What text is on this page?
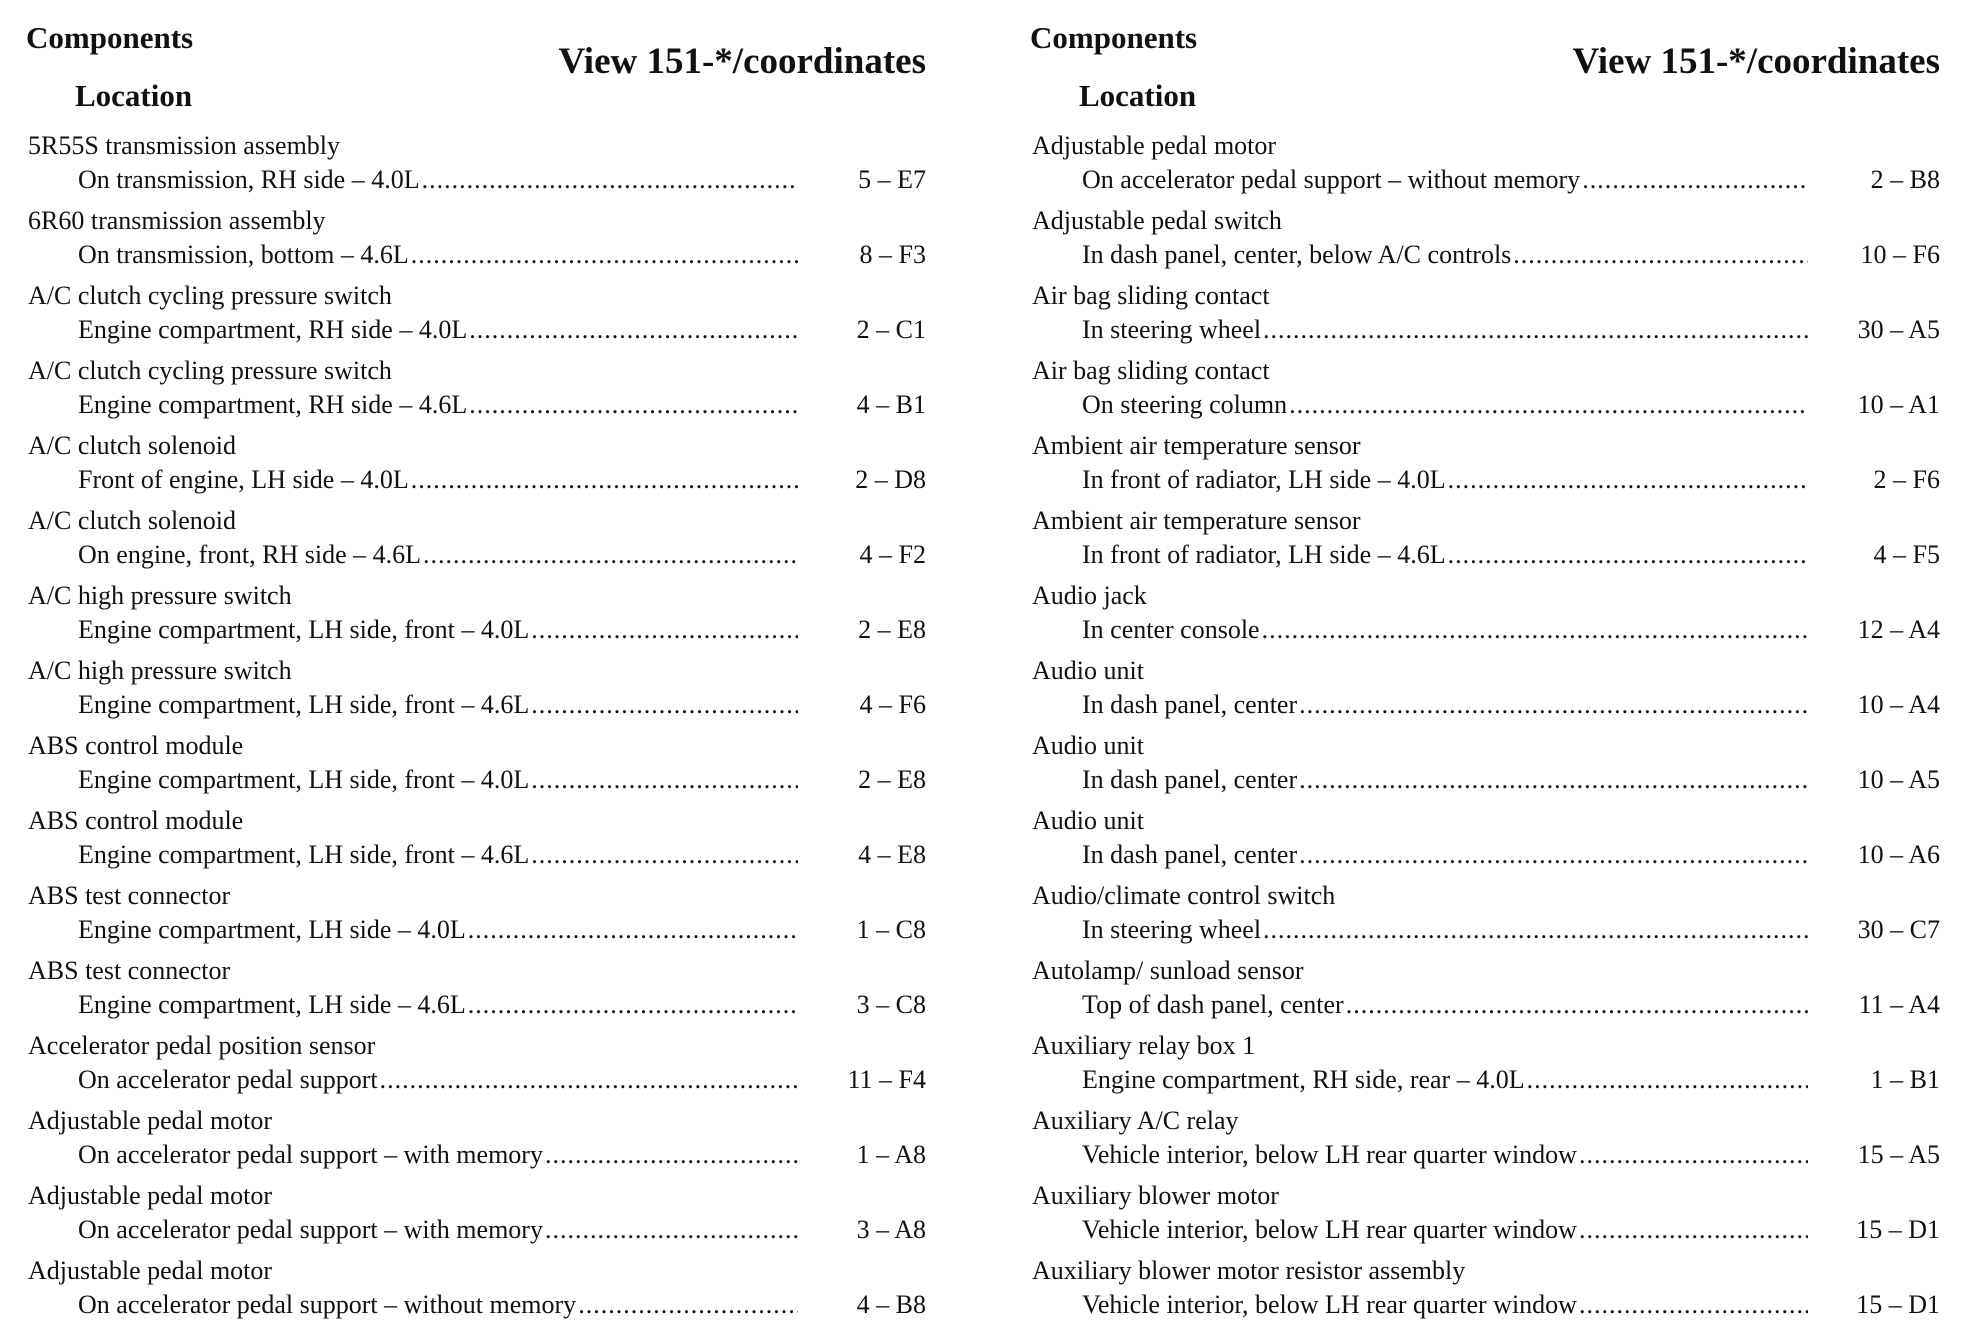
Components
Location
View 151-*/coordinates
5R55S transmission assembly
On transmission, RH side – 4.0L .....	5 – E7
6R60 transmission assembly
On transmission, bottom – 4.6L .....	8 – F3
A/C clutch cycling pressure switch
Engine compartment, RH side – 4.0L .....	2 – C1
A/C clutch cycling pressure switch
Engine compartment, RH side – 4.6L .....	4 – B1
A/C clutch solenoid
Front of engine, LH side – 4.0L .....	2 – D8
A/C clutch solenoid
On engine, front, RH side – 4.6L .....	4 – F2
A/C high pressure switch
Engine compartment, LH side, front – 4.0L .....	2 – E8
A/C high pressure switch
Engine compartment, LH side, front – 4.6L .....	4 – F6
ABS control module
Engine compartment, LH side, front – 4.0L .....	2 – E8
ABS control module
Engine compartment, LH side, front – 4.6L .....	4 – E8
ABS test connector
Engine compartment, LH side – 4.0L .....	1 – C8
ABS test connector
Engine compartment, LH side – 4.6L .....	3 – C8
Accelerator pedal position sensor
On accelerator pedal support .....	11 – F4
Adjustable pedal motor
On accelerator pedal support – with memory .....	1 – A8
Adjustable pedal motor
On accelerator pedal support – with memory .....	3 – A8
Adjustable pedal motor
On accelerator pedal support – without memory .....	4 – B8
Components
Location
View 151-*/coordinates
Adjustable pedal motor
On accelerator pedal support – without memory .....	2 – B8
Adjustable pedal switch
In dash panel, center, below A/C controls .....	10 – F6
Air bag sliding contact
In steering wheel .....	30 – A5
Air bag sliding contact
On steering column .....	10 – A1
Ambient air temperature sensor
In front of radiator, LH side – 4.0L .....	2 – F6
Ambient air temperature sensor
In front of radiator, LH side – 4.6L .....	4 – F5
Audio jack
In center console .....	12 – A4
Audio unit
In dash panel, center .....	10 – A4
Audio unit
In dash panel, center .....	10 – A5
Audio unit
In dash panel, center .....	10 – A6
Audio/climate control switch
In steering wheel .....	30 – C7
Autolamp/ sunload sensor
Top of dash panel, center .....	11 – A4
Auxiliary relay box 1
Engine compartment, RH side, rear – 4.0L .....	1 – B1
Auxiliary A/C relay
Vehicle interior, below LH rear quarter window .....	15 – A5
Auxiliary blower motor
Vehicle interior, below LH rear quarter window .....	15 – D1
Auxiliary blower motor resistor assembly
Vehicle interior, below LH rear quarter window .....	15 – D1
